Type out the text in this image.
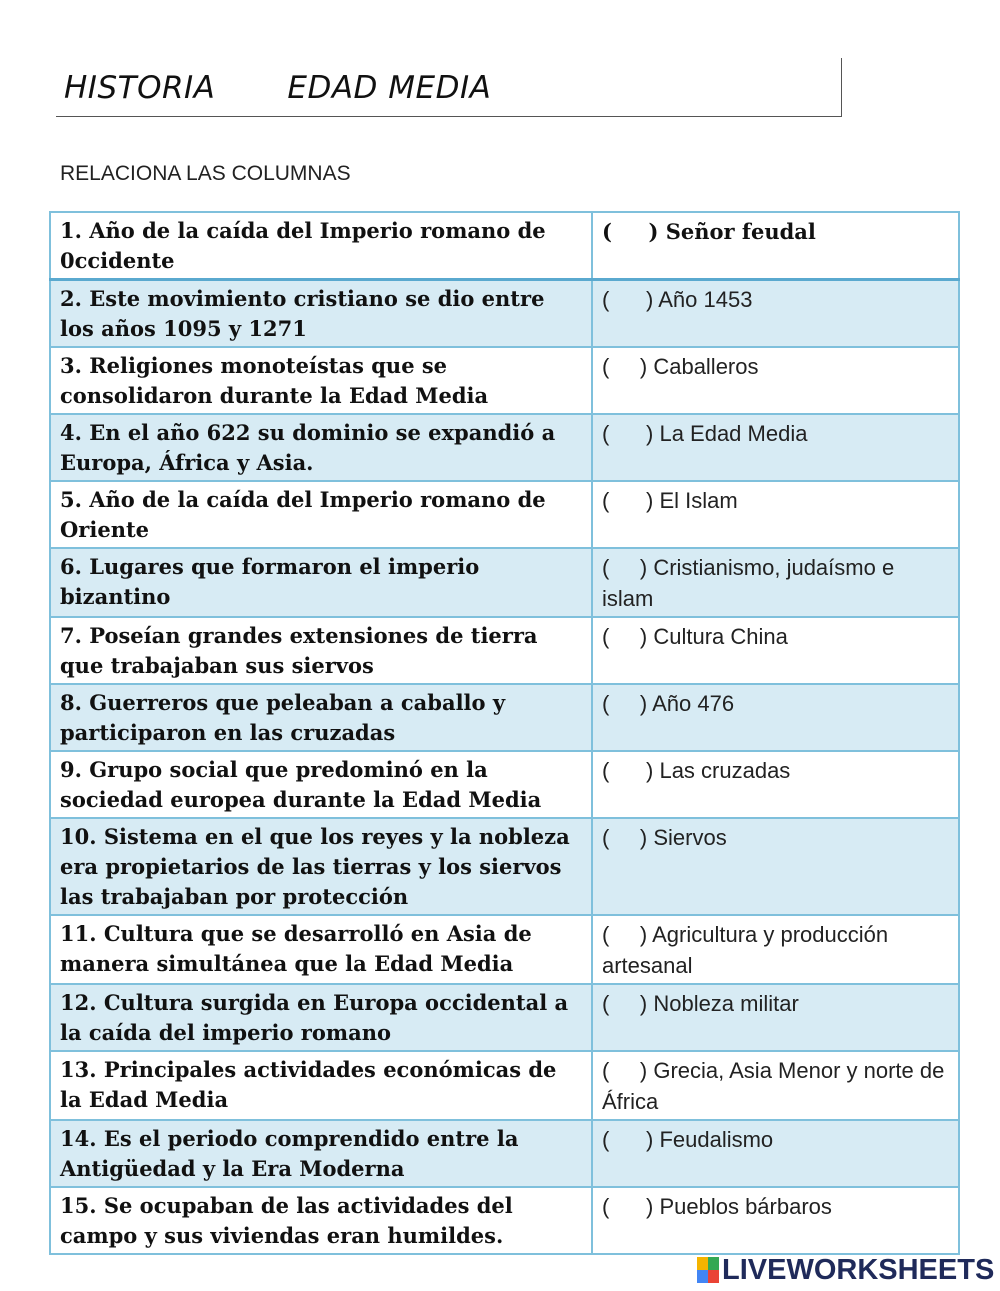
HISTORIA EDAD MEDIA
RELACIONA LAS COLUMNAS
1. Año de la caída del Imperio romano de 0ccidente	( ) Señor feudal
2. Este movimiento cristiano se dio entre los años 1095 y 1271	( ) Año 1453
3. Religiones monoteístas que se consolidaron durante la Edad Media	( ) Caballeros
4. En el año 622 su dominio se expandió a Europa, África y Asia.	( ) La Edad Media
5. Año de la caída del Imperio romano de Oriente	( ) El Islam
6. Lugares que formaron el imperio bizantino	( ) Cristianismo, judaísmo e islam
7. Poseían grandes extensiones de tierra que trabajaban sus siervos	( ) Cultura China
8. Guerreros que peleaban a caballo y participaron en las cruzadas	( ) Año 476
9. Grupo social que predominó en la sociedad europea durante la Edad Media	( ) Las cruzadas
10. Sistema en el que los reyes y la nobleza era propietarios de las tierras y los siervos las trabajaban por protección	( ) Siervos
11. Cultura que se desarrolló en Asia de manera simultánea que la Edad Media	( ) Agricultura y producción artesanal
12. Cultura surgida en Europa occidental a la caída del imperio romano	( ) Nobleza militar
13. Principales actividades económicas de la Edad Media	( ) Grecia, Asia Menor y norte de África
14. Es el periodo comprendido entre la Antigüedad y la Era Moderna	( ) Feudalismo
15. Se ocupaban de las actividades del campo y sus viviendas eran humildes.	( ) Pueblos bárbaros
LIVEWORKSHEETS
